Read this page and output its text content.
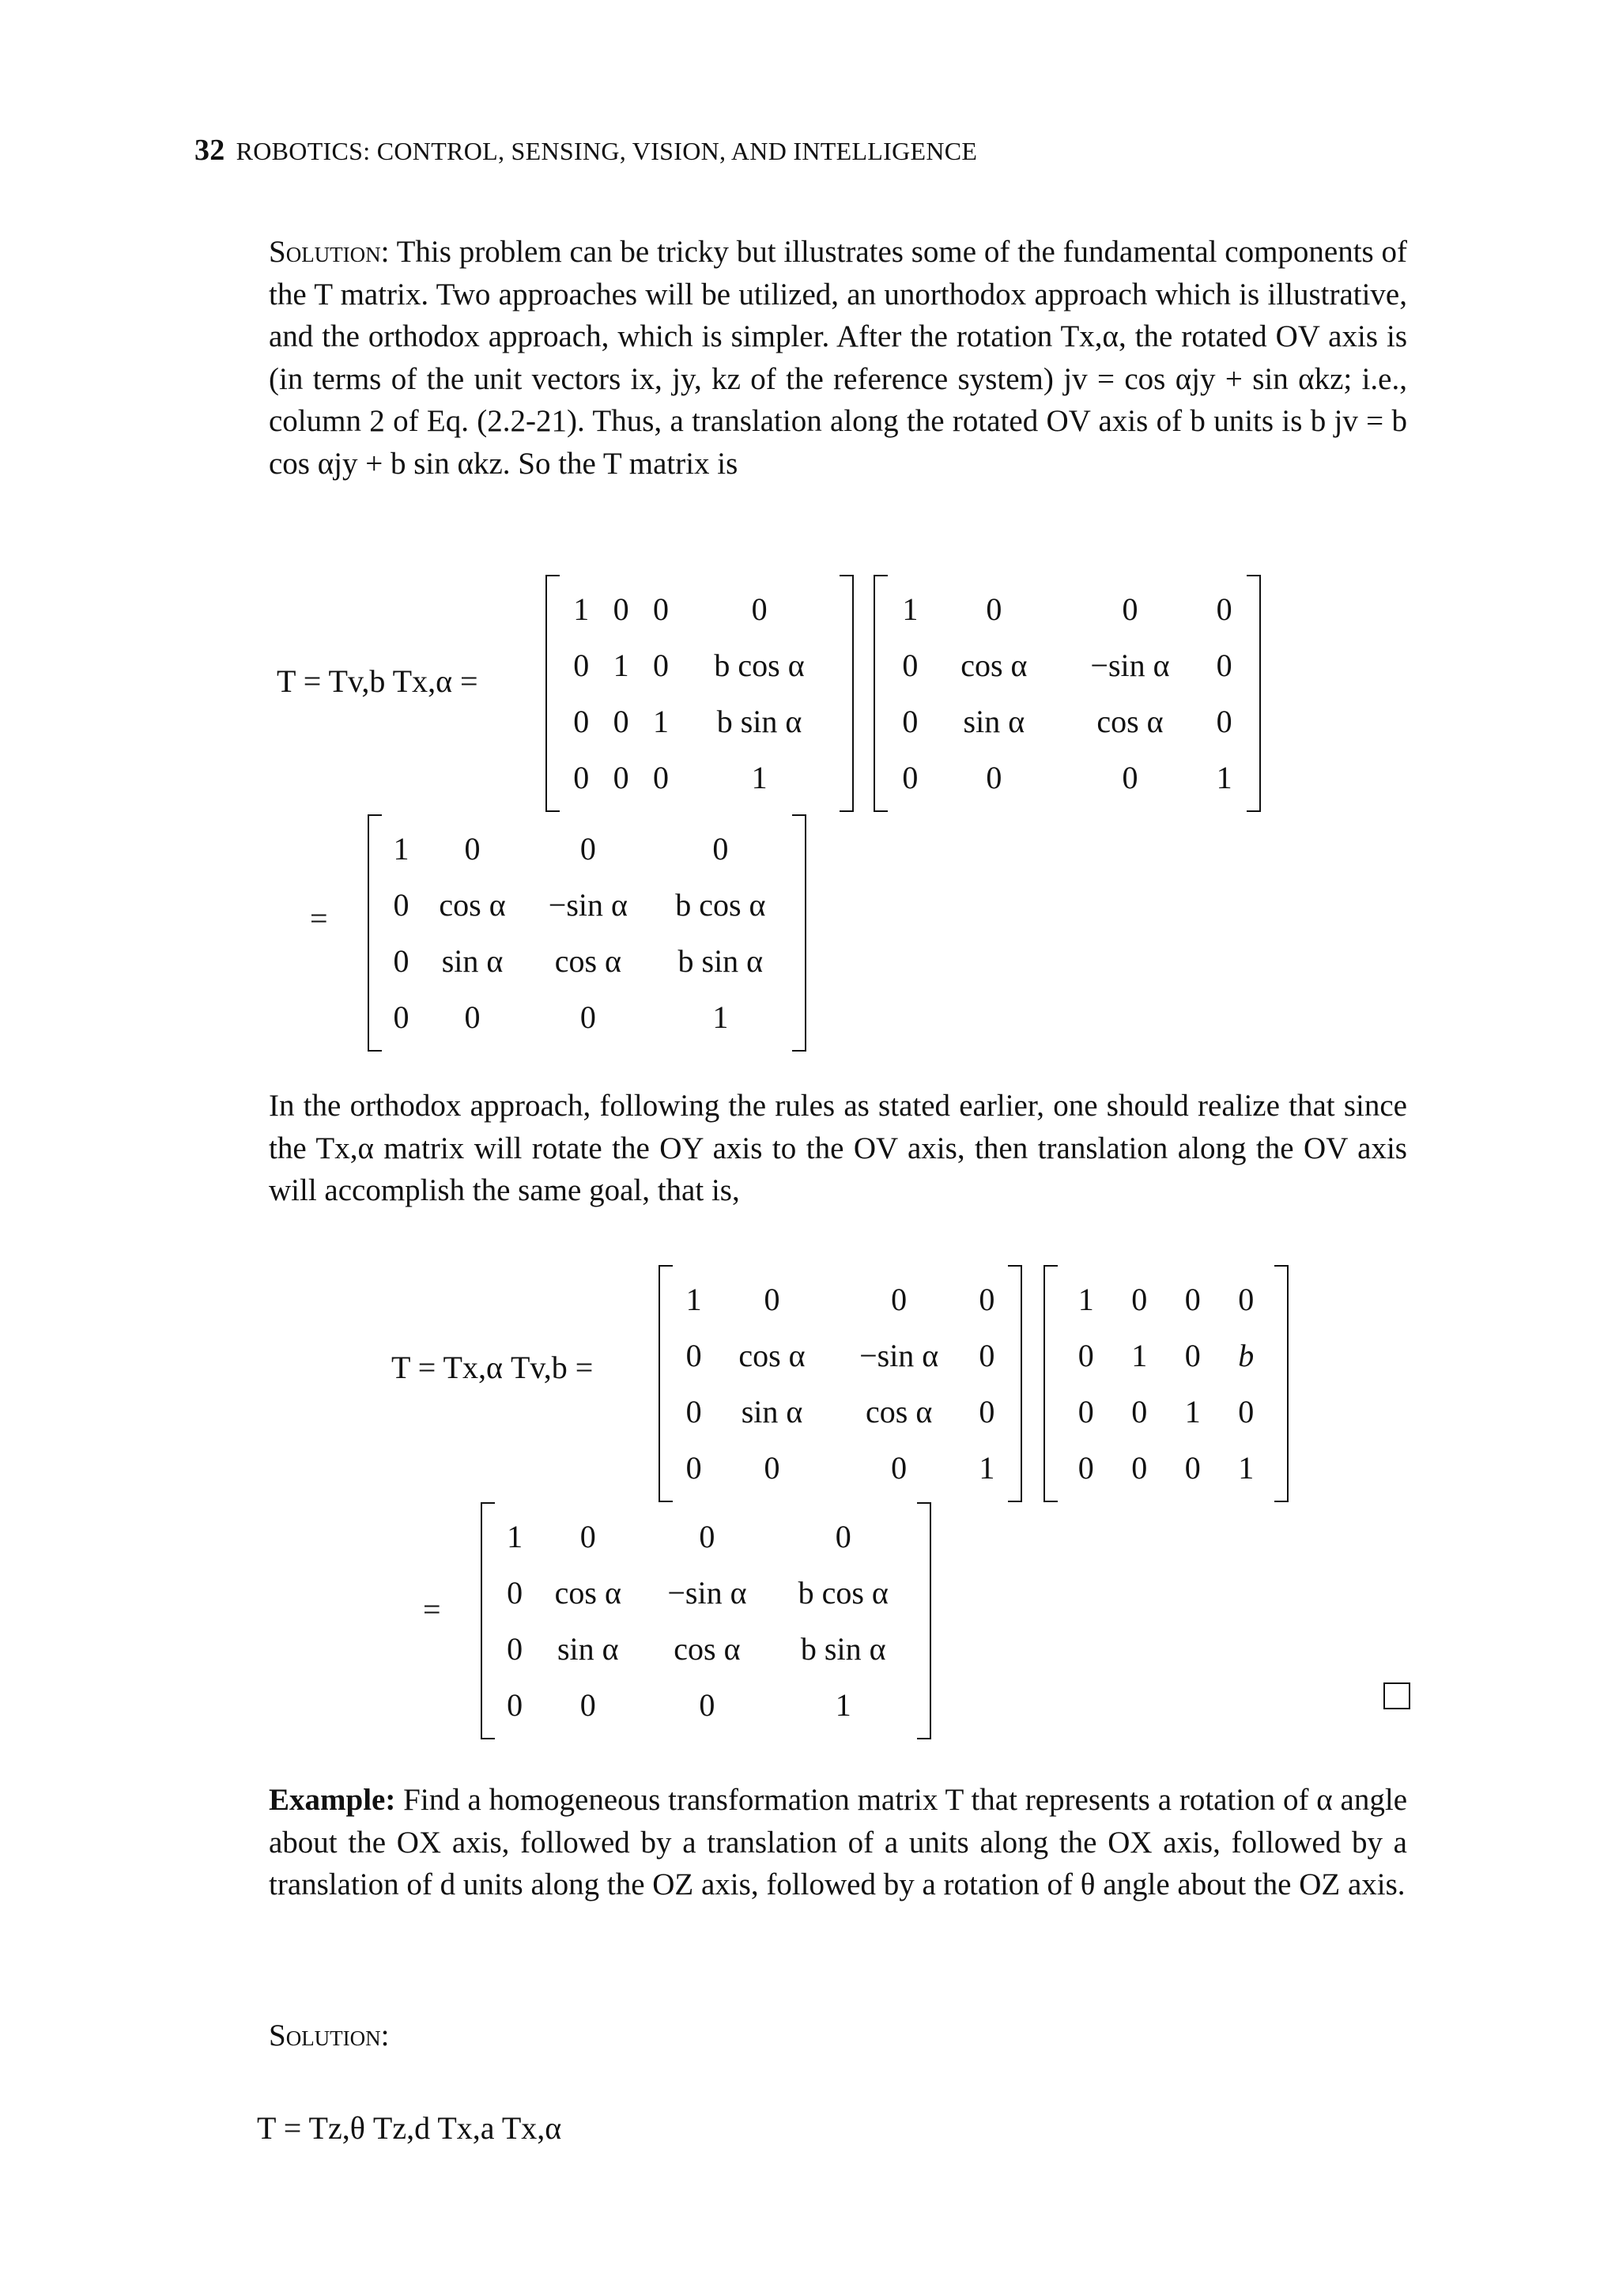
32 ROBOTICS: CONTROL, SENSING, VISION, AND INTELLIGENCE
Solution: This problem can be tricky but illustrates some of the fundamental components of the T matrix. Two approaches will be utilized, an unorthodox approach which is illustrative, and the orthodox approach, which is simpler. After the rotation Tx,α, the rotated OV axis is (in terms of the unit vectors ix, jy, kz of the reference system) jv = cos αjy + sin αkz; i.e., column 2 of Eq. (2.2-21). Thus, a translation along the rotated OV axis of b units is b jv = b cos αjy + b sin αkz. So the T matrix is
T = Tv,b Tx,α =
1	0	0	0
0	1	0	b cos α
0	0	1	b sin α
0	0	0	1
1	0	0	0
0	cos α	−sin α	0
0	sin α	cos α	0
0	0	0	1
=
1	0	0	0
0	cos α	−sin α	b cos α
0	sin α	cos α	b sin α
0	0	0	1
In the orthodox approach, following the rules as stated earlier, one should realize that since the Tx,α matrix will rotate the OY axis to the OV axis, then translation along the OV axis will accomplish the same goal, that is,
T = Tx,α Tv,b =
1	0	0	0
0	cos α	−sin α	0
0	sin α	cos α	0
0	0	0	1
1	0	0	0
0	1	0	b
0	0	1	0
0	0	0	1
=
1	0	0	0
0	cos α	−sin α	b cos α
0	sin α	cos α	b sin α
0	0	0	1
Example: Find a homogeneous transformation matrix T that represents a rotation of α angle about the OX axis, followed by a translation of a units along the OX axis, followed by a translation of d units along the OZ axis, followed by a rotation of θ angle about the OZ axis.
Solution:
T = Tz,θ Tz,d Tx,a Tx,α
